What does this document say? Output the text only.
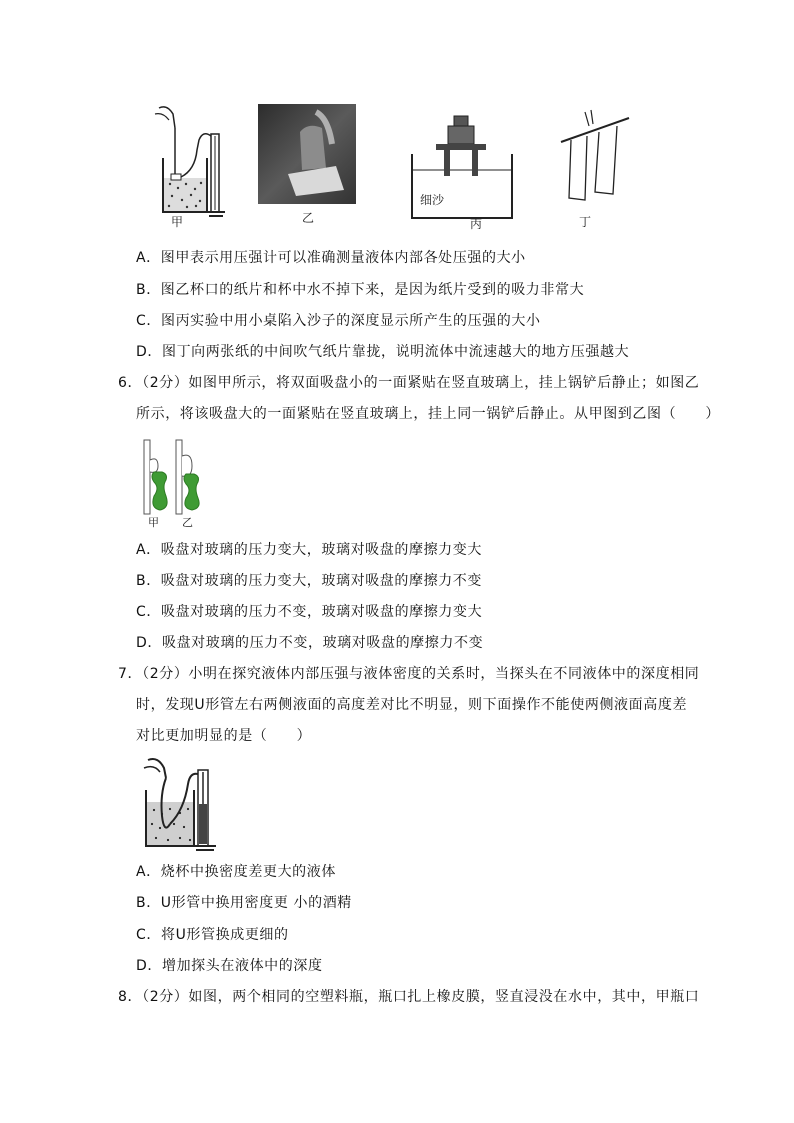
甲	乙
细沙
丙	丁
A．图甲表示用压强计可以准确测量液体内部各处压强的大小
B．图乙杯口的纸片和杯中水不掉下来，是因为纸片受到的吸力非常大
C．图丙实验中用小桌陷入沙子的深度显示所产生的压强的大小
D．图丁向两张纸的中间吹气纸片靠拢，说明流体中流速越大的地方压强越大
6．（2分）如图甲所示，将双面吸盘小的一面紧贴在竖直玻璃上，挂上锅铲后静止；如图乙
所示，将该吸盘大的一面紧贴在竖直玻璃上，挂上同一锅铲后静止。从甲图到乙图（　　）
甲 乙
A．吸盘对玻璃的压力变大，玻璃对吸盘的摩擦力变大
B．吸盘对玻璃的压力变大，玻璃对吸盘的摩擦力不变
C．吸盘对玻璃的压力不变，玻璃对吸盘的摩擦力变大
D．吸盘对玻璃的压力不变，玻璃对吸盘的摩擦力不变
7．（2分）小明在探究液体内部压强与液体密度的关系时，当探头在不同液体中的深度相同
时，发现U形管左右两侧液面的高度差对比不明显，则下面操作不能使两侧液面高度差
对比更加明显的是（　　）
A．烧杯中换密度差更大的液体
B．U形管中换用密度更 小的酒精
C．将U形管换成更细的
D．增加探头在液体中的深度
8．（2分）如图，两个相同的空塑料瓶，瓶口扎上橡皮膜，竖直浸没在水中，其中，甲瓶口
